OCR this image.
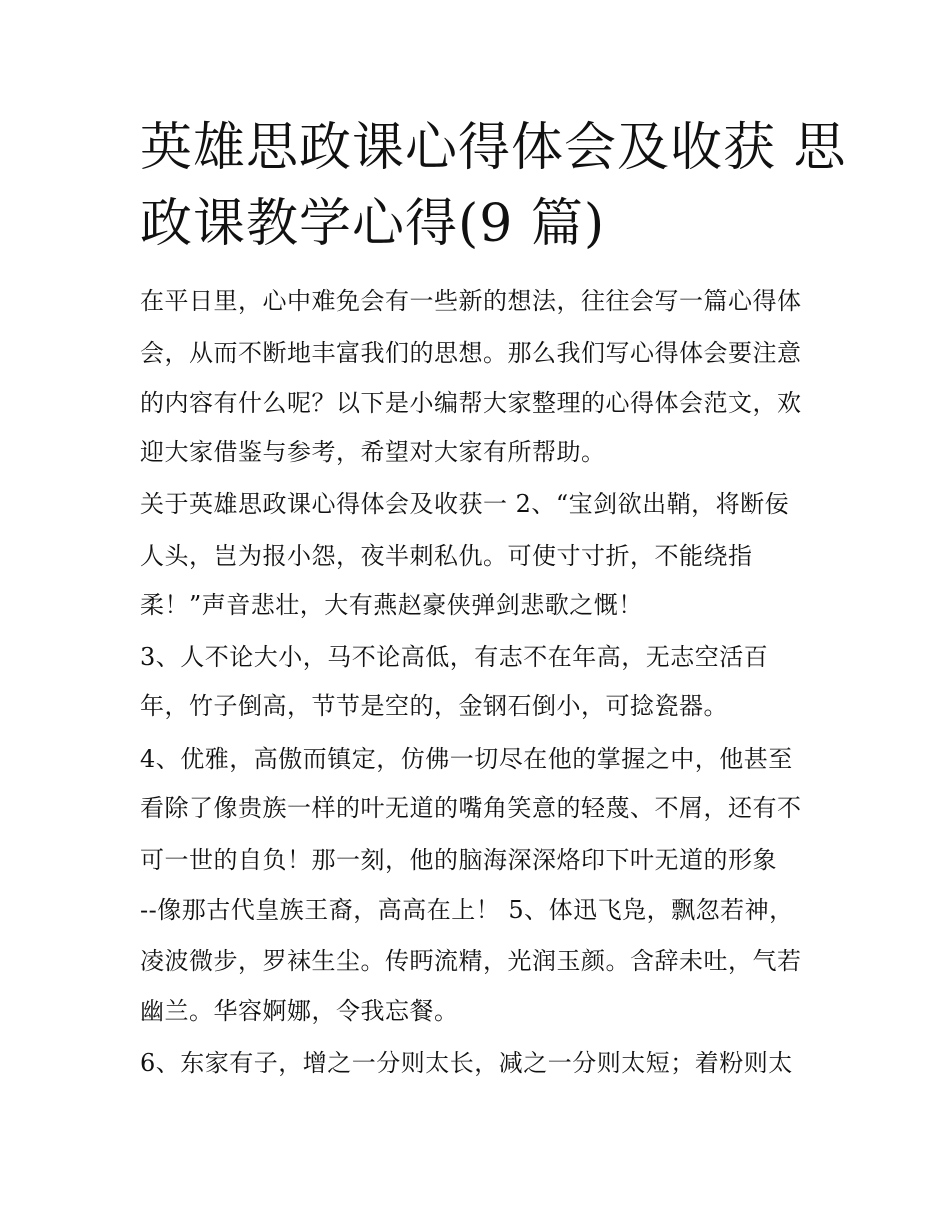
英雄思政课心得体会及收获 思
政课教学心得(9 篇)
在平日里，心中难免会有一些新的想法，往往会写一篇心得体
会，从而不断地丰富我们的思想。那么我们写心得体会要注意
的内容有什么呢？以下是小编帮大家整理的心得体会范文，欢
迎大家借鉴与参考，希望对大家有所帮助。
关于英雄思政课心得体会及收获一 2、“宝剑欲出鞘，将断佞
人头，岂为报小怨，夜半刺私仇。可使寸寸折，不能绕指
柔！”声音悲壮，大有燕赵豪侠弹剑悲歌之慨！
3、人不论大小，马不论高低，有志不在年高，无志空活百
年，竹子倒高，节节是空的，金钢石倒小，可捻瓷器。
4、优雅，高傲而镇定，仿佛一切尽在他的掌握之中，他甚至
看除了像贵族一样的叶无道的嘴角笑意的轻蔑、不屑，还有不
可一世的自负！那一刻，他的脑海深深烙印下叶无道的形象
--像那古代皇族王裔，高高在上！ 5、体迅飞凫，飘忽若神，
凌波微步，罗袜生尘。传眄流精，光润玉颜。含辞未吐，气若
幽兰。华容婀娜，令我忘餐。
6、东家有子，增之一分则太长，减之一分则太短；着粉则太
